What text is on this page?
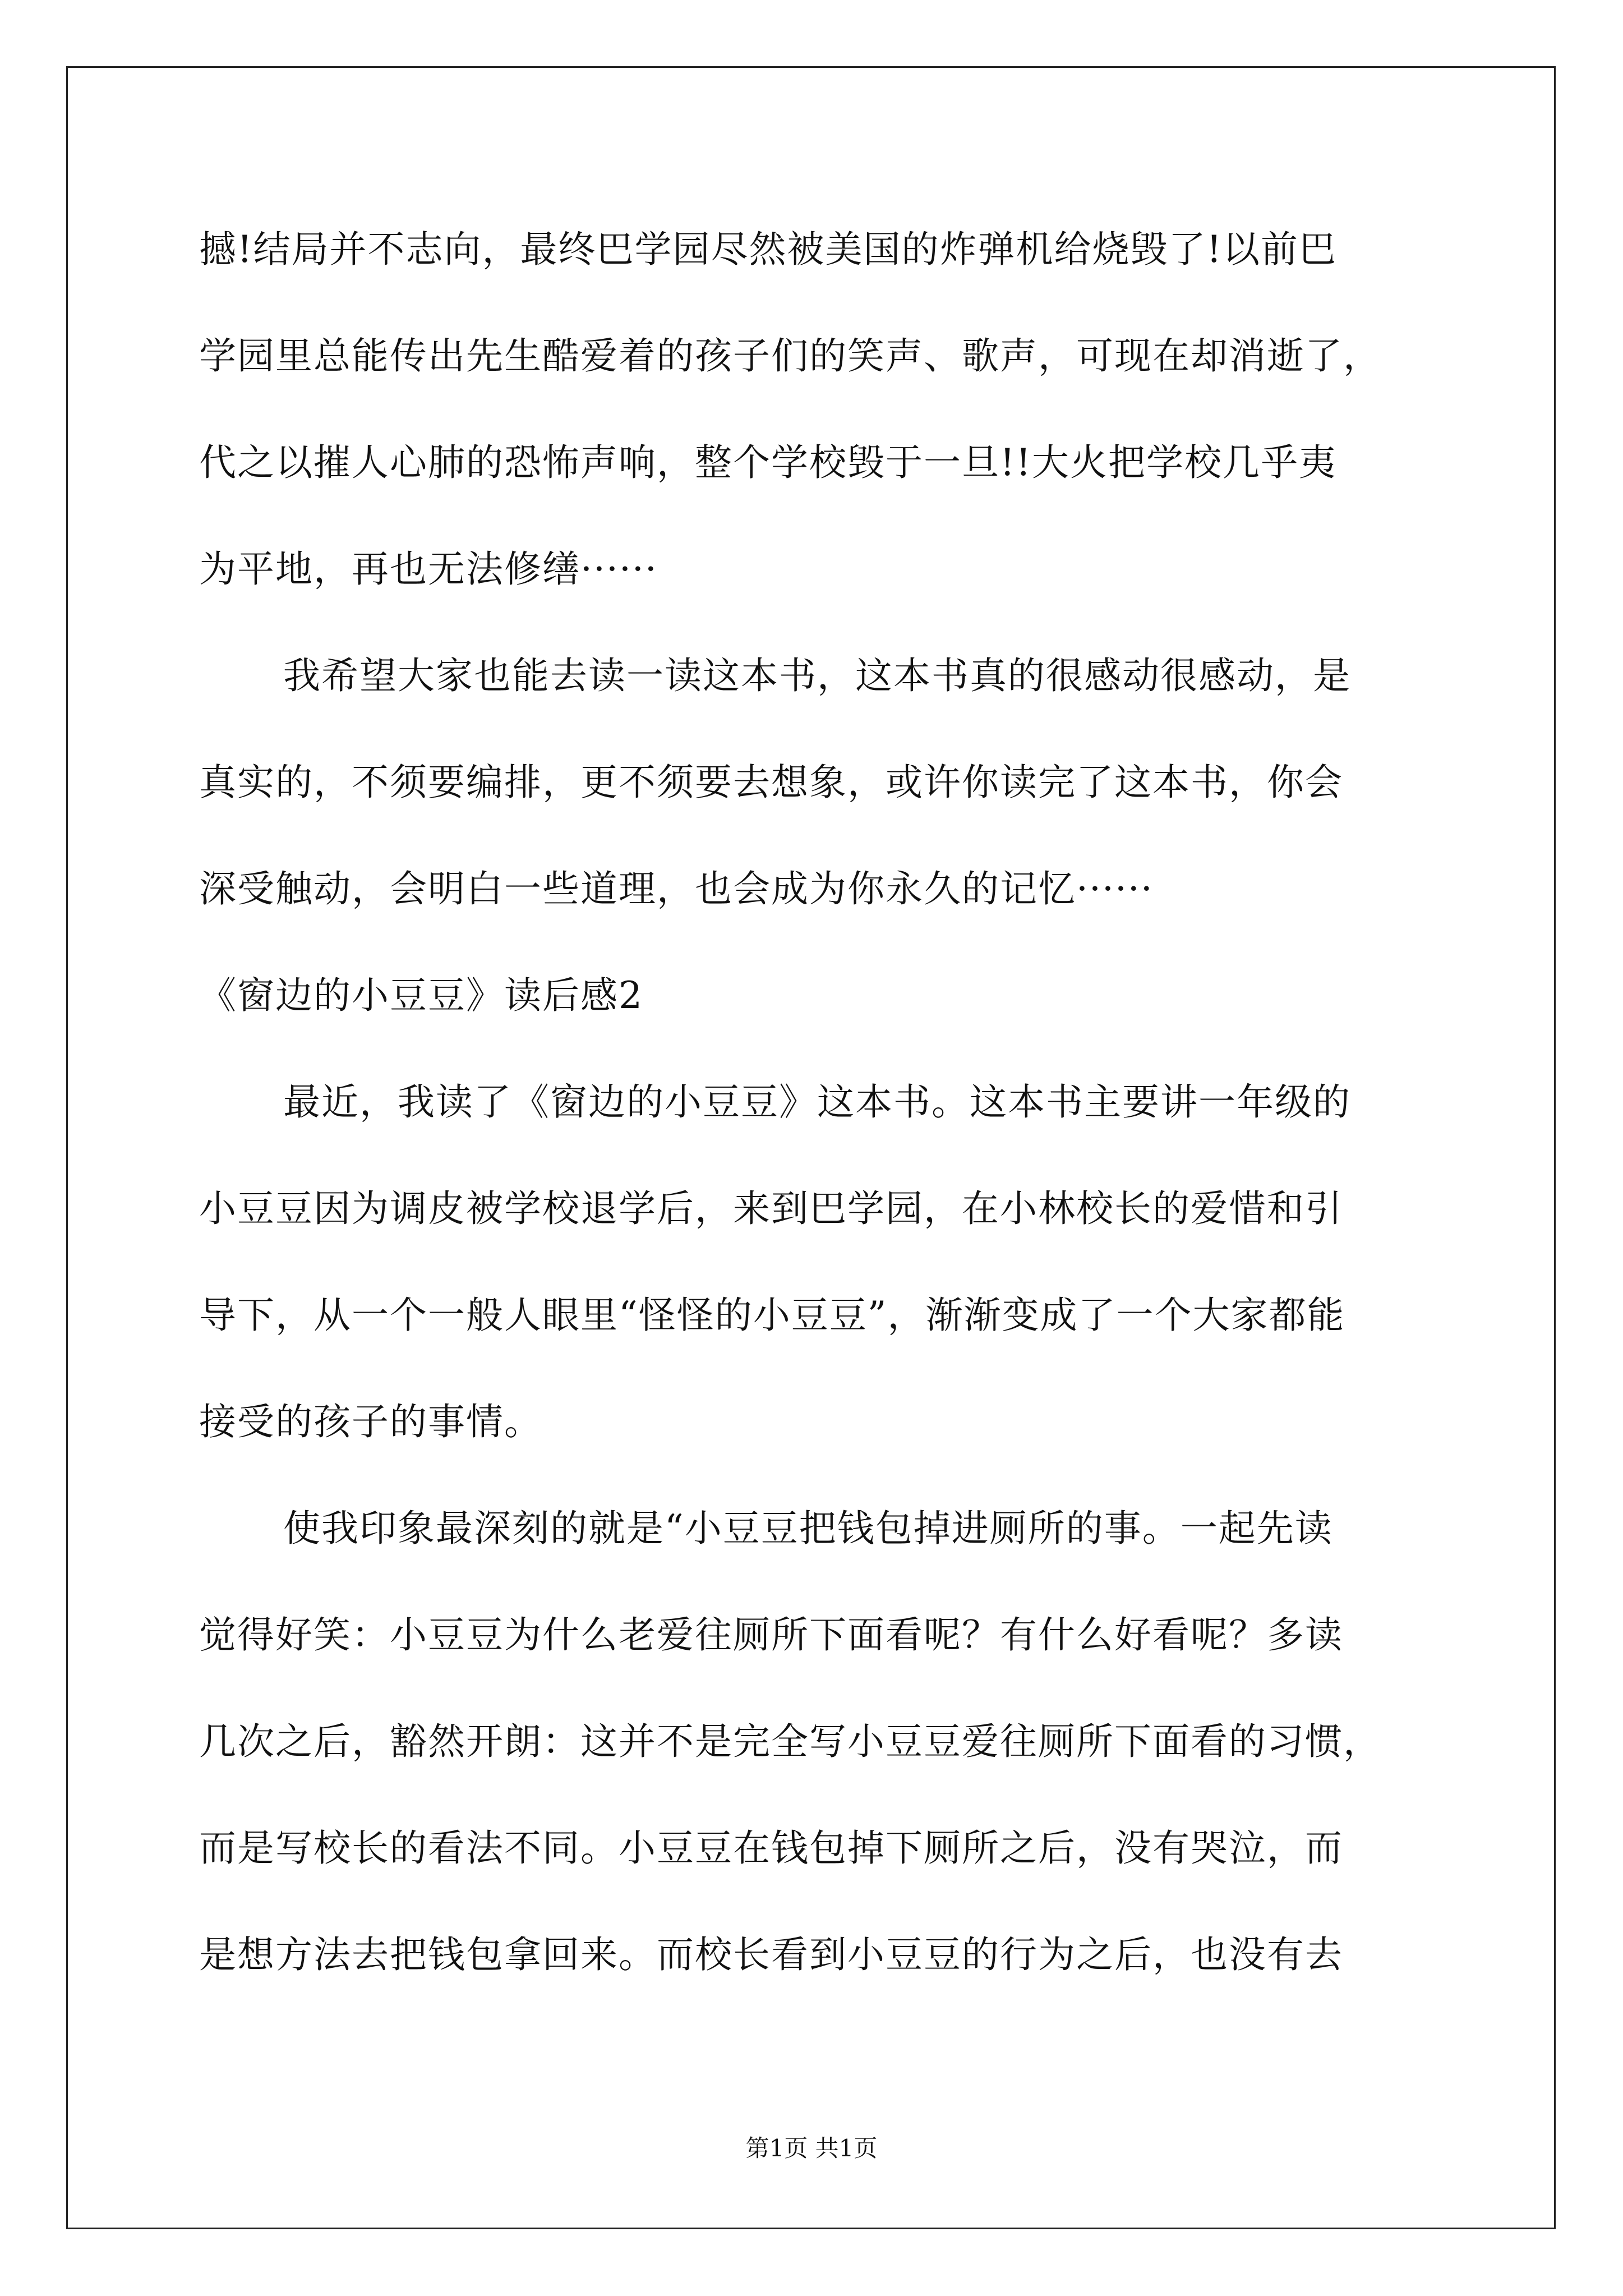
撼!结局并不志向，最终巴学园尽然被美国的炸弹机给烧毁了!以前巴
学园里总能传出先生酷爱着的孩子们的笑声、歌声，可现在却消逝了，
代之以摧人心肺的恐怖声响，整个学校毁于一旦!!大火把学校几乎夷
为平地，再也无法修缮······
我希望大家也能去读一读这本书，这本书真的很感动很感动，是
真实的，不须要编排，更不须要去想象，或许你读完了这本书，你会
深受触动，会明白一些道理，也会成为你永久的记忆······
《窗边的小豆豆》读后感2
最近，我读了《窗边的小豆豆》这本书。这本书主要讲一年级的
小豆豆因为调皮被学校退学后，来到巴学园，在小林校长的爱惜和引
导下，从一个一般人眼里“怪怪的小豆豆”，渐渐变成了一个大家都能
接受的孩子的事情。
使我印象最深刻的就是“小豆豆把钱包掉进厕所的事。一起先读
觉得好笑：小豆豆为什么老爱往厕所下面看呢？有什么好看呢？多读
几次之后，豁然开朗：这并不是完全写小豆豆爱往厕所下面看的习惯，
而是写校长的看法不同。小豆豆在钱包掉下厕所之后，没有哭泣，而
是想方法去把钱包拿回来。而校长看到小豆豆的行为之后，也没有去
第1页 共1页
